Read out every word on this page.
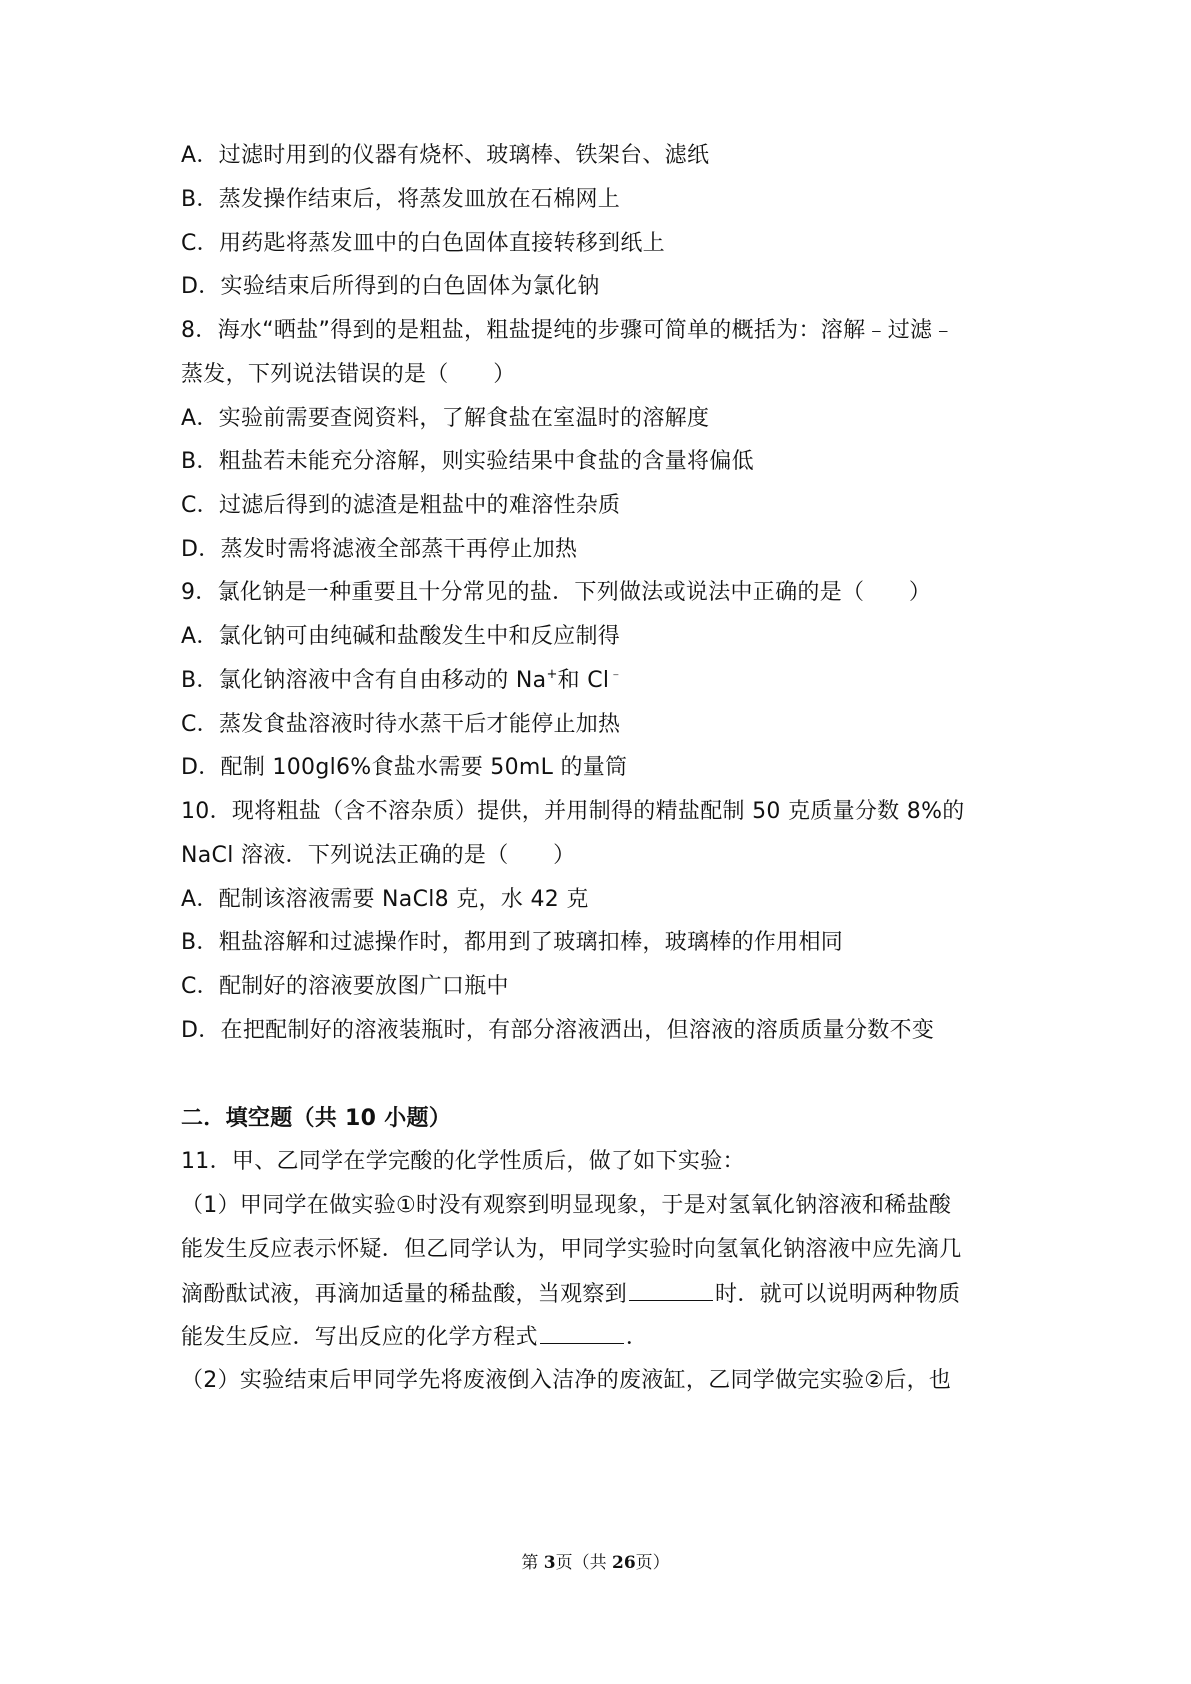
A．过滤时用到的仪器有烧杯、玻璃棒、铁架台、滤纸
B．蒸发操作结束后，将蒸发皿放在石棉网上
C．用药匙将蒸发皿中的白色固体直接转移到纸上
D．实验结束后所得到的白色固体为氯化钠
8．海水“晒盐”得到的是粗盐，粗盐提纯的步骤可简单的概括为：溶解﹣过滤﹣
蒸发，下列说法错误的是（　　）
A．实验前需要查阅资料，了解食盐在室温时的溶解度
B．粗盐若未能充分溶解，则实验结果中食盐的含量将偏低
C．过滤后得到的滤渣是粗盐中的难溶性杂质
D．蒸发时需将滤液全部蒸干再停止加热
9．氯化钠是一种重要且十分常见的盐．下列做法或说法中正确的是（　　）
A．氯化钠可由纯碱和盐酸发生中和反应制得
B．氯化钠溶液中含有自由移动的 Na+和 Cl﹣
C．蒸发食盐溶液时待水蒸干后才能停止加热
D．配制 100gl6%食盐水需要 50mL 的量筒
10．现将粗盐（含不溶杂质）提供，并用制得的精盐配制 50 克质量分数 8%的
NaCl 溶液．下列说法正确的是（　　）
A．配制该溶液需要 NaCl8 克，水 42 克
B．粗盐溶解和过滤操作时，都用到了玻璃扣棒，玻璃棒的作用相同
C．配制好的溶液要放图广口瓶中
D．在把配制好的溶液装瓶时，有部分溶液洒出，但溶液的溶质质量分数不变
二．填空题（共 10 小题）
11．甲、乙同学在学完酸的化学性质后，做了如下实验：
（1）甲同学在做实验①时没有观察到明显现象，于是对氢氧化钠溶液和稀盐酸
能发生反应表示怀疑．但乙同学认为，甲同学实验时向氢氧化钠溶液中应先滴几
滴酚酞试液，再滴加适量的稀盐酸，当观察到	时．就可以说明两种物质
能发生反应．写出反应的化学方程式	．
（2）实验结束后甲同学先将废液倒入洁净的废液缸，乙同学做完实验②后，也
第 3页（共 26页）
